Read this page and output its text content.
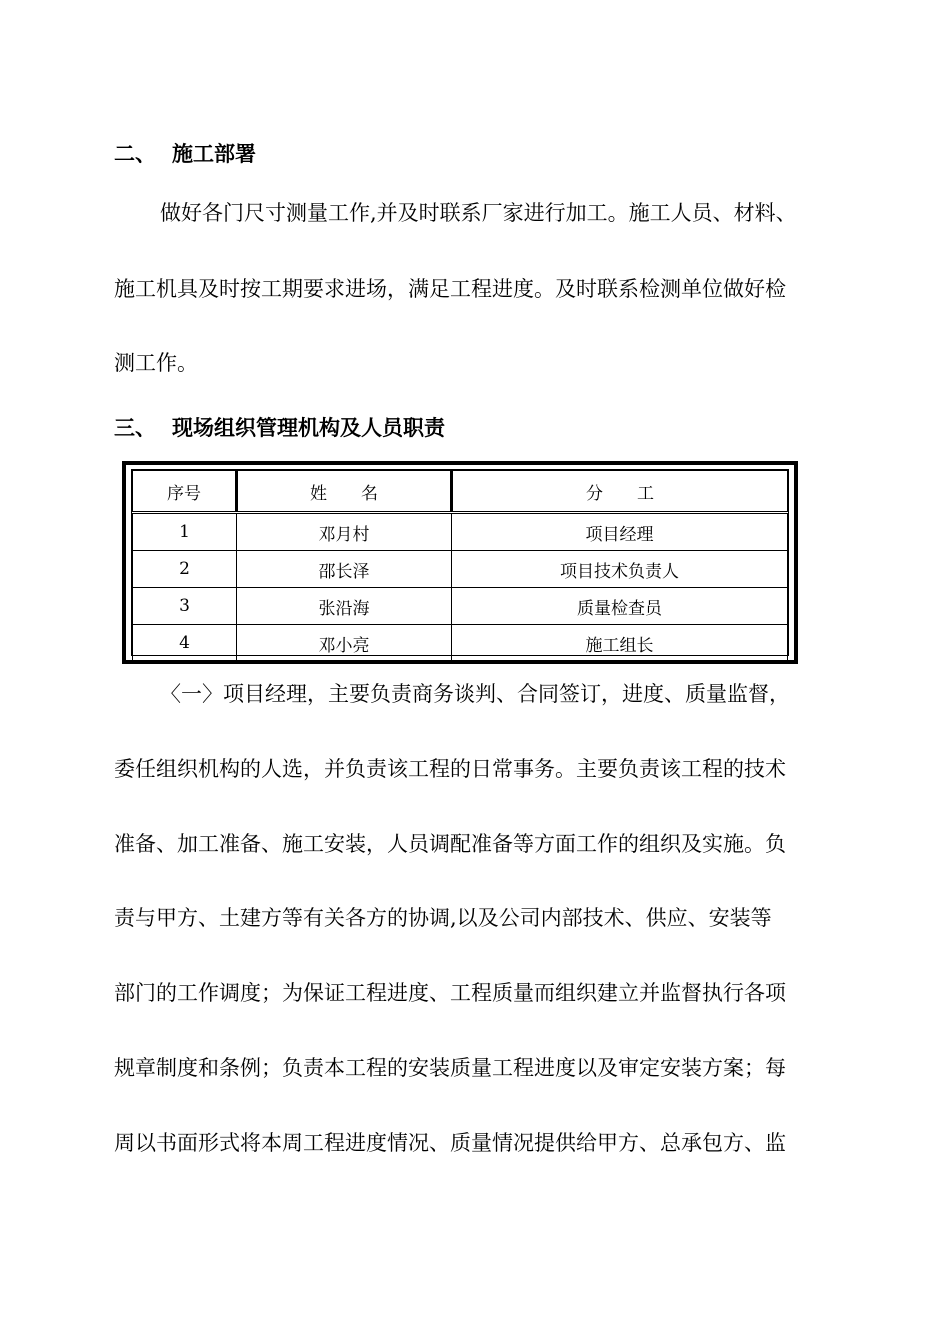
二、 施工部署
做好各门尺寸测量工作,并及时联系厂家进行加工。施工人员、材料、
施工机具及时按工期要求进场，满足工程进度。及时联系检测单位做好检
测工作。
三、 现场组织管理机构及人员职责
序号	姓　　名	分　　工
1	邓月村	项目经理
2	邵长泽	项目技术负责人
3	张沿海	质量检查员
4	邓小亮	施工组长
〈一〉项目经理，主要负责商务谈判、合同签订，进度、质量监督，
委任组织机构的人选，并负责该工程的日常事务。主要负责该工程的技术
准备、加工准备、施工安装，人员调配准备等方面工作的组织及实施。负
责与甲方、土建方等有关各方的协调,以及公司内部技术、供应、安装等
部门的工作调度；为保证工程进度、工程质量而组织建立并监督执行各项
规章制度和条例；负责本工程的安装质量工程进度以及审定安装方案；每
周以书面形式将本周工程进度情况、质量情况提供给甲方、总承包方、监
